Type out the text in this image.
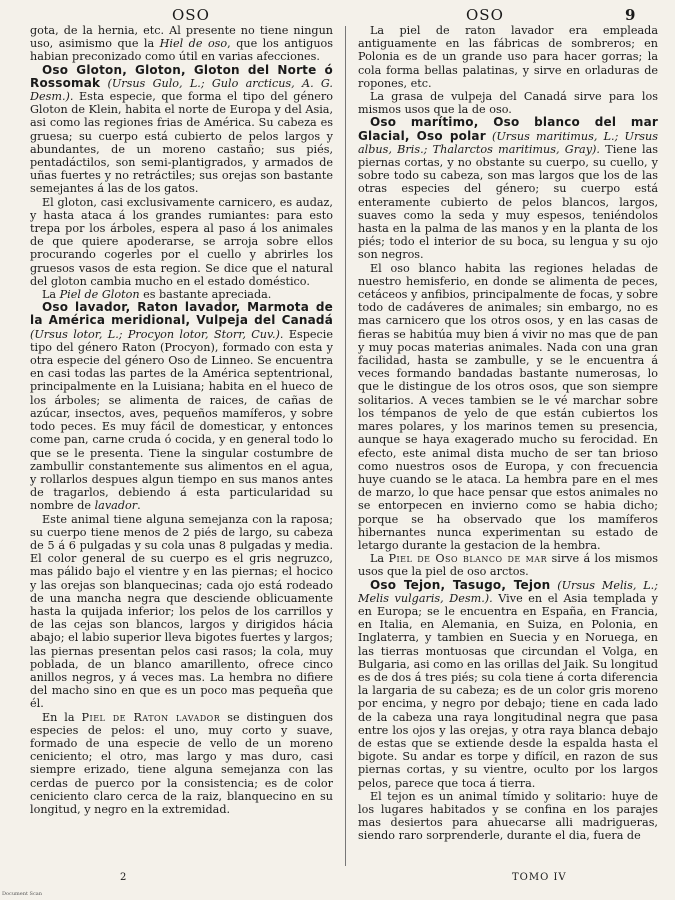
OSO	OSO	9

gota, de la hernia, etc. Al presente no tiene ningun uso, asimismo que la Hiel de oso, que los antiguos habian preconizado como útil en varias afecciones.

Oso Gloton, Gloton, Gloton del Norte ó Rossomak (Ursus Gulo, L.; Gulo arcticus, A. G. Desm.). Esta especie, que forma el tipo del género Gloton de Klein, habita el norte de Europa y del Asia, asi como las regiones frias de América. Su cabeza es gruesa; su cuerpo está cubierto de pelos largos y abundantes, de un moreno castaño; sus piés, pentadáctilos, son semi-plantigrados, y armados de uñas fuertes y no retráctiles; sus orejas son bastante semejantes á las de los gatos.

El gloton, casi exclusivamente carnicero, es audaz, y hasta ataca á los grandes rumiantes: para esto trepa por los árboles, espera al paso á los animales de que quiere apoderarse, se arroja sobre ellos procurando cogerles por el cuello y abrirles los gruesos vasos de esta region. Se dice que el natural del gloton cambia mucho en el estado doméstico.

La Piel de Gloton es bastante apreciada.

Oso lavador, Raton lavador, Marmota de la América meridional, Vulpeja del Canadá (Ursus lotor, L.; Procyon lotor, Storr, Cuv.). Especie tipo del género Raton (Procyon), formado con esta y otra especie del género Oso de Linneo. Se encuentra en casi todas las partes de la América septentrional, principalmente en la Luisiana; habita en el hueco de los árboles; se alimenta de raices, de cañas de azúcar, insectos, aves, pequeños mamíferos, y sobre todo peces. Es muy fácil de domesticar, y entonces come pan, carne cruda ó cocida, y en general todo lo que se le presenta. Tiene la singular costumbre de zambullir constantemente sus alimentos en el agua, y rollarlos despues algun tiempo en sus manos antes de tragarlos, debiendo á esta particularidad su nombre de lavador.

Este animal tiene alguna semejanza con la raposa; su cuerpo tiene menos de 2 piés de largo, su cabeza de 5 á 6 pulgadas y su cola unas 8 pulgadas y media. El color general de su cuerpo es el gris negruzco, mas pálido bajo el vientre y en las piernas; el hocico y las orejas son blanquecinas; cada ojo está rodeado de una mancha negra que desciende oblicuamente hasta la quijada inferior; los pelos de los carrillos y de las cejas son blancos, largos y dirigidos hácia abajo; el labio superior lleva bigotes fuertes y largos; las piernas presentan pelos casi rasos; la cola, muy poblada, de un blanco amarillento, ofrece cinco anillos negros, y á veces mas. La hembra no difiere del macho sino en que es un poco mas pequeña que él.

En la Piel de Raton lavador se distinguen dos especies de pelos: el uno, muy corto y suave, formado de una especie de vello de un moreno ceniciento; el otro, mas largo y mas duro, casi siempre erizado, tiene alguna semejanza con las cerdas de puerco por la consistencia; es de color ceniciento claro cerca de la raiz, blanquecino en su longitud, y negro en la extremidad.

La piel de raton lavador era empleada antiguamente en las fábricas de sombreros; en Polonia es de un grande uso para hacer gorras; la cola forma bellas palatinas, y sirve en orladuras de ropones, etc.

La grasa de vulpeja del Canadá sirve para los mismos usos que la de oso.

Oso marítimo, Oso blanco del mar Glacial, Oso polar (Ursus maritimus, L.; Ursus albus, Bris.; Thalarctos maritimus, Gray). Tiene las piernas cortas, y no obstante su cuerpo, su cuello, y sobre todo su cabeza, son mas largos que los de las otras especies del género; su cuerpo está enteramente cubierto de pelos blancos, largos, suaves como la seda y muy espesos, teniéndolos hasta en la palma de las manos y en la planta de los piés; todo el interior de su boca, su lengua y su ojo son negros.

El oso blanco habita las regiones heladas de nuestro hemisferio, en donde se alimenta de peces, cetáceos y anfibios, principalmente de focas, y sobre todo de cadáveres de animales; sin embargo, no es mas carnicero que los otros osos, y en las casas de fieras se habitúa muy bien á vivir no mas que de pan y muy pocas materias animales. Nada con una gran facilidad, hasta se zambulle, y se le encuentra á veces formando bandadas bastante numerosas, lo que le distingue de los otros osos, que son siempre solitarios. A veces tambien se le vé marchar sobre los témpanos de yelo de que están cubiertos los mares polares, y los marinos temen su presencia, aunque se haya exagerado mucho su ferocidad. En efecto, este animal dista mucho de ser tan brioso como nuestros osos de Europa, y con frecuencia huye cuando se le ataca. La hembra pare en el mes de marzo, lo que hace pensar que estos animales no se entorpecen en invierno como se habia dicho; porque se ha observado que los mamíferos hibernantes nunca experimentan su estado de letargo durante la gestacion de la hembra.

La Piel de Oso blanco de mar sirve á los mismos usos que la piel de oso arctos.

Oso Tejon, Tasugo, Tejon (Ursus Melis, L.; Melis vulgaris, Desm.). Vive en el Asia templada y en Europa; se le encuentra en España, en Francia, en Italia, en Alemania, en Suiza, en Polonia, en Inglaterra, y tambien en Suecia y en Noruega, en las tierras montuosas que circundan el Volga, en Bulgaria, asi como en las orillas del Jaik. Su longitud es de dos á tres piés; su cola tiene á corta diferencia la largaria de su cabeza; es de un color gris moreno por encima, y negro por debajo; tiene en cada lado de la cabeza una raya longitudinal negra que pasa entre los ojos y las orejas, y otra raya blanca debajo de estas que se extiende desde la espalda hasta el bigote. Su andar es torpe y difícil, en razon de sus piernas cortas, y su vientre, oculto por los largos pelos, parece que toca á tierra.

El tejon es un animal tímido y solitario: huye de los lugares habitados y se confina en los parajes mas desiertos para ahuecarse alli madrigueras, siendo raro sorprenderle, durante el dia, fuera de

2	TOMO IV
Document Scan
